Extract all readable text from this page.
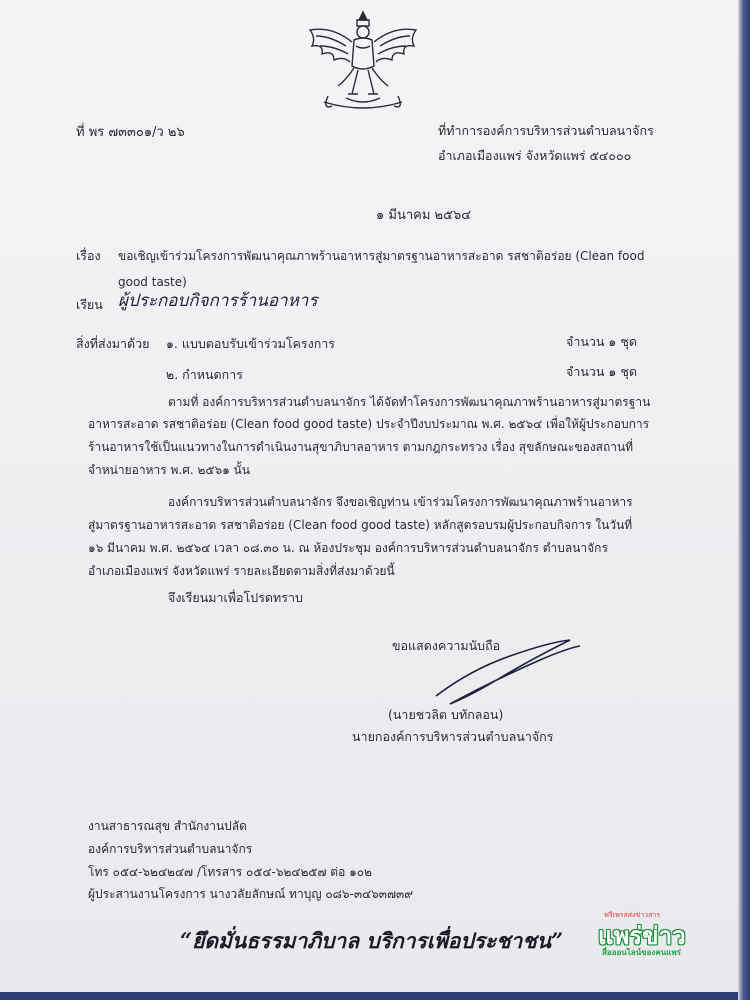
ที่ พร ๗๓๓๐๑/ว ๒๖	ที่ทำการองค์การบริหารส่วนตำบลนาจักร
อำเภอเมืองแพร่ จังหวัดแพร่ ๕๔๐๐๐
๑ มีนาคม ๒๕๖๔
เรื่อง ขอเชิญเข้าร่วมโครงการพัฒนาคุณภาพร้านอาหารสู่มาตรฐานอาหารสะอาด รสชาติอร่อย (Clean food
good taste)
เรียน ผู้ประกอบกิจการร้านอาหาร
สิ่งที่ส่งมาด้วย ๑. แบบตอบรับเข้าร่วมโครงการ	จำนวน ๑ ชุด
๒. กำหนดการ	จำนวน ๑ ชุด
ตามที่ องค์การบริหารส่วนตำบลนาจักร ได้จัดทำโครงการพัฒนาคุณภาพร้านอาหารสู่มาตรฐาน
อาหารสะอาด รสชาติอร่อย (Clean food good taste) ประจำปีงบประมาณ พ.ศ. ๒๕๖๔ เพื่อให้ผู้ประกอบการ
ร้านอาหารใช้เป็นแนวทางในการดำเนินงานสุขาภิบาลอาหาร ตามกฎกระทรวง เรื่อง สุขลักษณะของสถานที่
จำหน่ายอาหาร พ.ศ. ๒๕๖๑ นั้น
องค์การบริหารส่วนตำบลนาจักร จึงขอเชิญท่าน เข้าร่วมโครงการพัฒนาคุณภาพร้านอาหาร
สู่มาตรฐานอาหารสะอาด รสชาติอร่อย (Clean food good taste) หลักสูตรอบรมผู้ประกอบกิจการ ในวันที่
๑๖ มีนาคม พ.ศ. ๒๕๖๔ เวลา ๐๘.๓๐ น. ณ ห้องประชุม องค์การบริหารส่วนตำบลนาจักร ตำบลนาจักร
อำเภอเมืองแพร่ จังหวัดแพร่ รายละเอียดตามสิ่งที่ส่งมาด้วยนี้
จึงเรียนมาเพื่อโปรดทราบ
ขอแสดงความนับถือ
(นายชวลิต บทักลอน)
นายกองค์การบริหารส่วนตำบลนาจักร
งานสาธารณสุข สำนักงานปลัด
องค์การบริหารส่วนตำบลนาจักร
โทร ๐๕๔-๖๒๔๒๔๗ /โทรสาร ๐๕๔-๖๒๔๒๕๗ ต่อ ๑๐๒
ผู้ประสานงานโครงการ นางวลัยลักษณ์ ทาบุญ ๐๘๖-๓๔๖๓๗๓๙
“ยึดมั่นธรรมาภิบาล บริการเพื่อประชาชน”
ฟรีเพรสส่งข่าวสาร
แพร่ข่าว
สื่อออนไลน์ของคนแพร่
